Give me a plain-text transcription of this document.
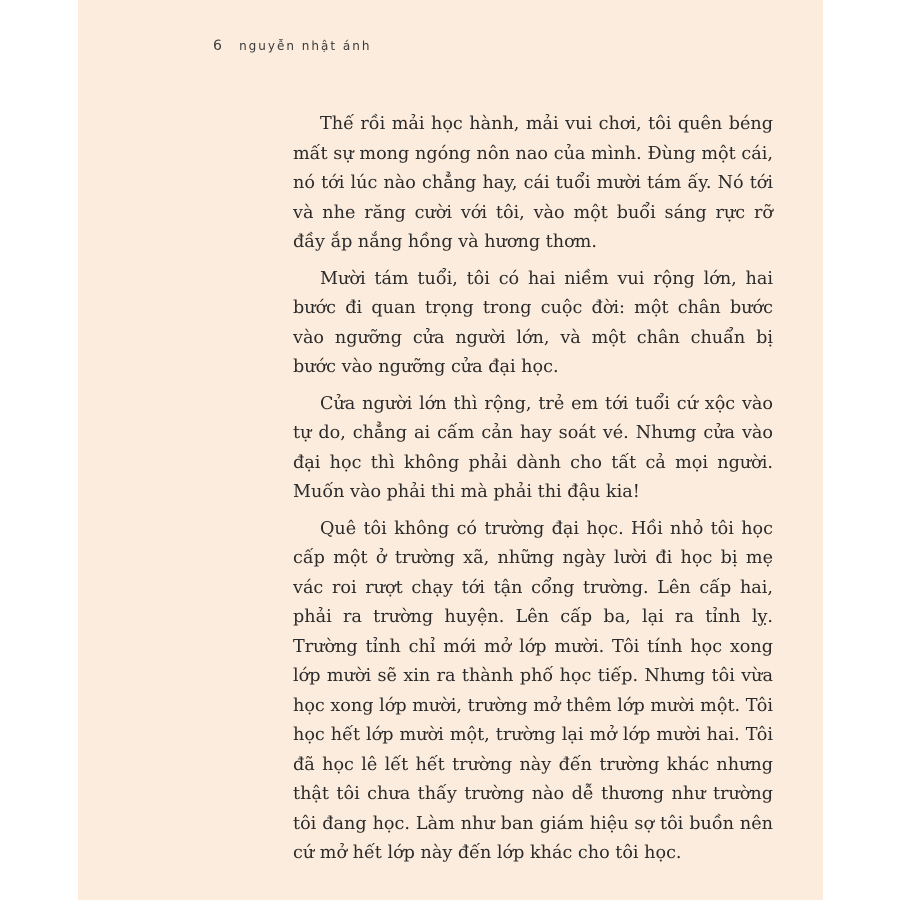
6 nguyễn nhật ánh

Thế rồi mải học hành, mải vui chơi, tôi quên béng mất sự mong ngóng nôn nao của mình. Đùng một cái, nó tới lúc nào chẳng hay, cái tuổi mười tám ấy. Nó tới và nhe răng cười với tôi, vào một buổi sáng rực rỡ đầy ắp nắng hồng và hương thơm.

Mười tám tuổi, tôi có hai niềm vui rộng lớn, hai bước đi quan trọng trong cuộc đời: một chân bước vào ngưỡng cửa người lớn, và một chân chuẩn bị bước vào ngưỡng cửa đại học.

Cửa người lớn thì rộng, trẻ em tới tuổi cứ xộc vào tự do, chẳng ai cấm cản hay soát vé. Nhưng cửa vào đại học thì không phải dành cho tất cả mọi người. Muốn vào phải thi mà phải thi đậu kia!

Quê tôi không có trường đại học. Hồi nhỏ tôi học cấp một ở trường xã, những ngày lười đi học bị mẹ vác roi rượt chạy tới tận cổng trường. Lên cấp hai, phải ra trường huyện. Lên cấp ba, lại ra tỉnh lỵ. Trường tỉnh chỉ mới mở lớp mười. Tôi tính học xong lớp mười sẽ xin ra thành phố học tiếp. Nhưng tôi vừa học xong lớp mười, trường mở thêm lớp mười một. Tôi học hết lớp mười một, trường lại mở lớp mười hai. Tôi đã học lê lết hết trường này đến trường khác nhưng thật tôi chưa thấy trường nào dễ thương như trường tôi đang học. Làm như ban giám hiệu sợ tôi buồn nên cứ mở hết lớp này đến lớp khác cho tôi học.
